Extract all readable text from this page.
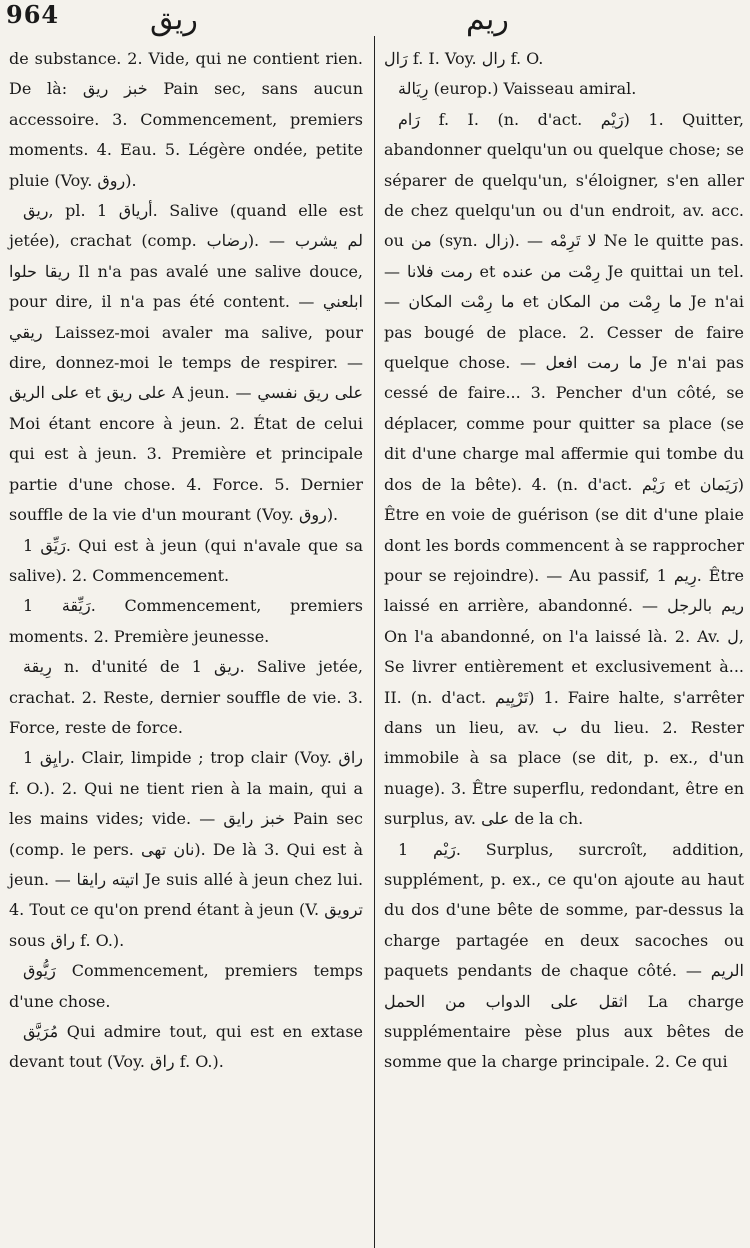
964	ريق	ريم

de substance. 2. Vide, qui ne contient rien. De là: خبز ريق Pain sec, sans aucun accessoire. 3. Commencement, premiers moments. 4. Eau. 5. Légère ondée, petite pluie (Voy. روق).

ريق, pl. أرياق 1. Salive (quand elle est jetée), crachat (comp. رضاب). — لم يشرب ريقا حلوا Il n'a pas avalé une salive douce, pour dire, il n'a pas été content. — ابلعني ريقي Laissez-moi avaler ma salive, pour dire, donnez-moi le temps de respirer. — على الريق et على ريق A jeun. — على ريق نفسي Moi étant encore à jeun. 2. État de celui qui est à jeun. 3. Première et principale partie d'une chose. 4. Force. 5. Dernier souffle de la vie d'un mourant (Voy. روق).

رَيِّق 1. Qui est à jeun (qui n'avale que sa salive). 2. Commencement.

رَيِّقة 1. Commencement, premiers moments. 2. Première jeunesse.

رِيقة n. d'unité de ريق 1. Salive jetée, crachat. 2. Reste, dernier souffle de vie. 3. Force, reste de force.

رايِق 1. Clair, limpide ; trop clair (Voy. راق f. O.). 2. Qui ne tient rien à la main, qui a les mains vides; vide. — خبز رايق Pain sec (comp. le pers. نان تهى). De là 3. Qui est à jeun. — اتيته رايقا Je suis allé à jeun chez lui. 4. Tout ce qu'on prend étant à jeun (V. ترويق sous راق f. O.).

رَيُّوق Commencement, premiers temps d'une chose.

مُرَيَّق Qui admire tout, qui est en extase devant tout (Voy. راق f. O.).

رَال f. I. Voy. رال f. O.

رِيَالة (europ.) Vaisseau amiral.

رَام f. I. (n. d'act. رَيْم) 1. Quitter, abandonner quelqu'un ou quelque chose; se séparer de quelqu'un, s'éloigner, s'en aller de chez quelqu'un ou d'un endroit, av. acc. ou من (syn. زال). — لا تَرِمْه Ne le quitte pas. — رمت فلانا et رِمْت من عنده Je quittai un tel. — ما رِمْت المكان et ما رِمْت من المكان Je n'ai pas bougé de place. 2. Cesser de faire quelque chose. — ما رمت افعل Je n'ai pas cessé de faire... 3. Pencher d'un côté, se déplacer, comme pour quitter sa place (se dit d'une charge mal affermie qui tombe du dos de la bête). 4. (n. d'act. رَيْم et رَيَمان) Être en voie de guérison (se dit d'une plaie dont les bords commencent à se rapprocher pour se rejoindre). — Au passif, رِيم 1. Être laissé en arrière, abandonné. — ريم بالرجل On l'a abandonné, on l'a laissé là. 2. Av. ل, Se livrer entièrement et exclusivement à... II. (n. d'act. تَرْيِيم) 1. Faire halte, s'arrêter dans un lieu, av. ب du lieu. 2. Rester immobile à sa place (se dit, p. ex., d'un nuage). 3. Être superflu, redondant, être en surplus, av. على de la ch.

رَيْم 1. Surplus, surcroît, addition, supplément, p. ex., ce qu'on ajoute au haut du dos d'une bête de somme, par-dessus la charge partagée en deux sacoches ou paquets pendants de chaque côté. — الريم اثقل على الدواب من الحمل La charge supplémentaire pèse plus aux bêtes de somme que la charge principale. 2. Ce qui
